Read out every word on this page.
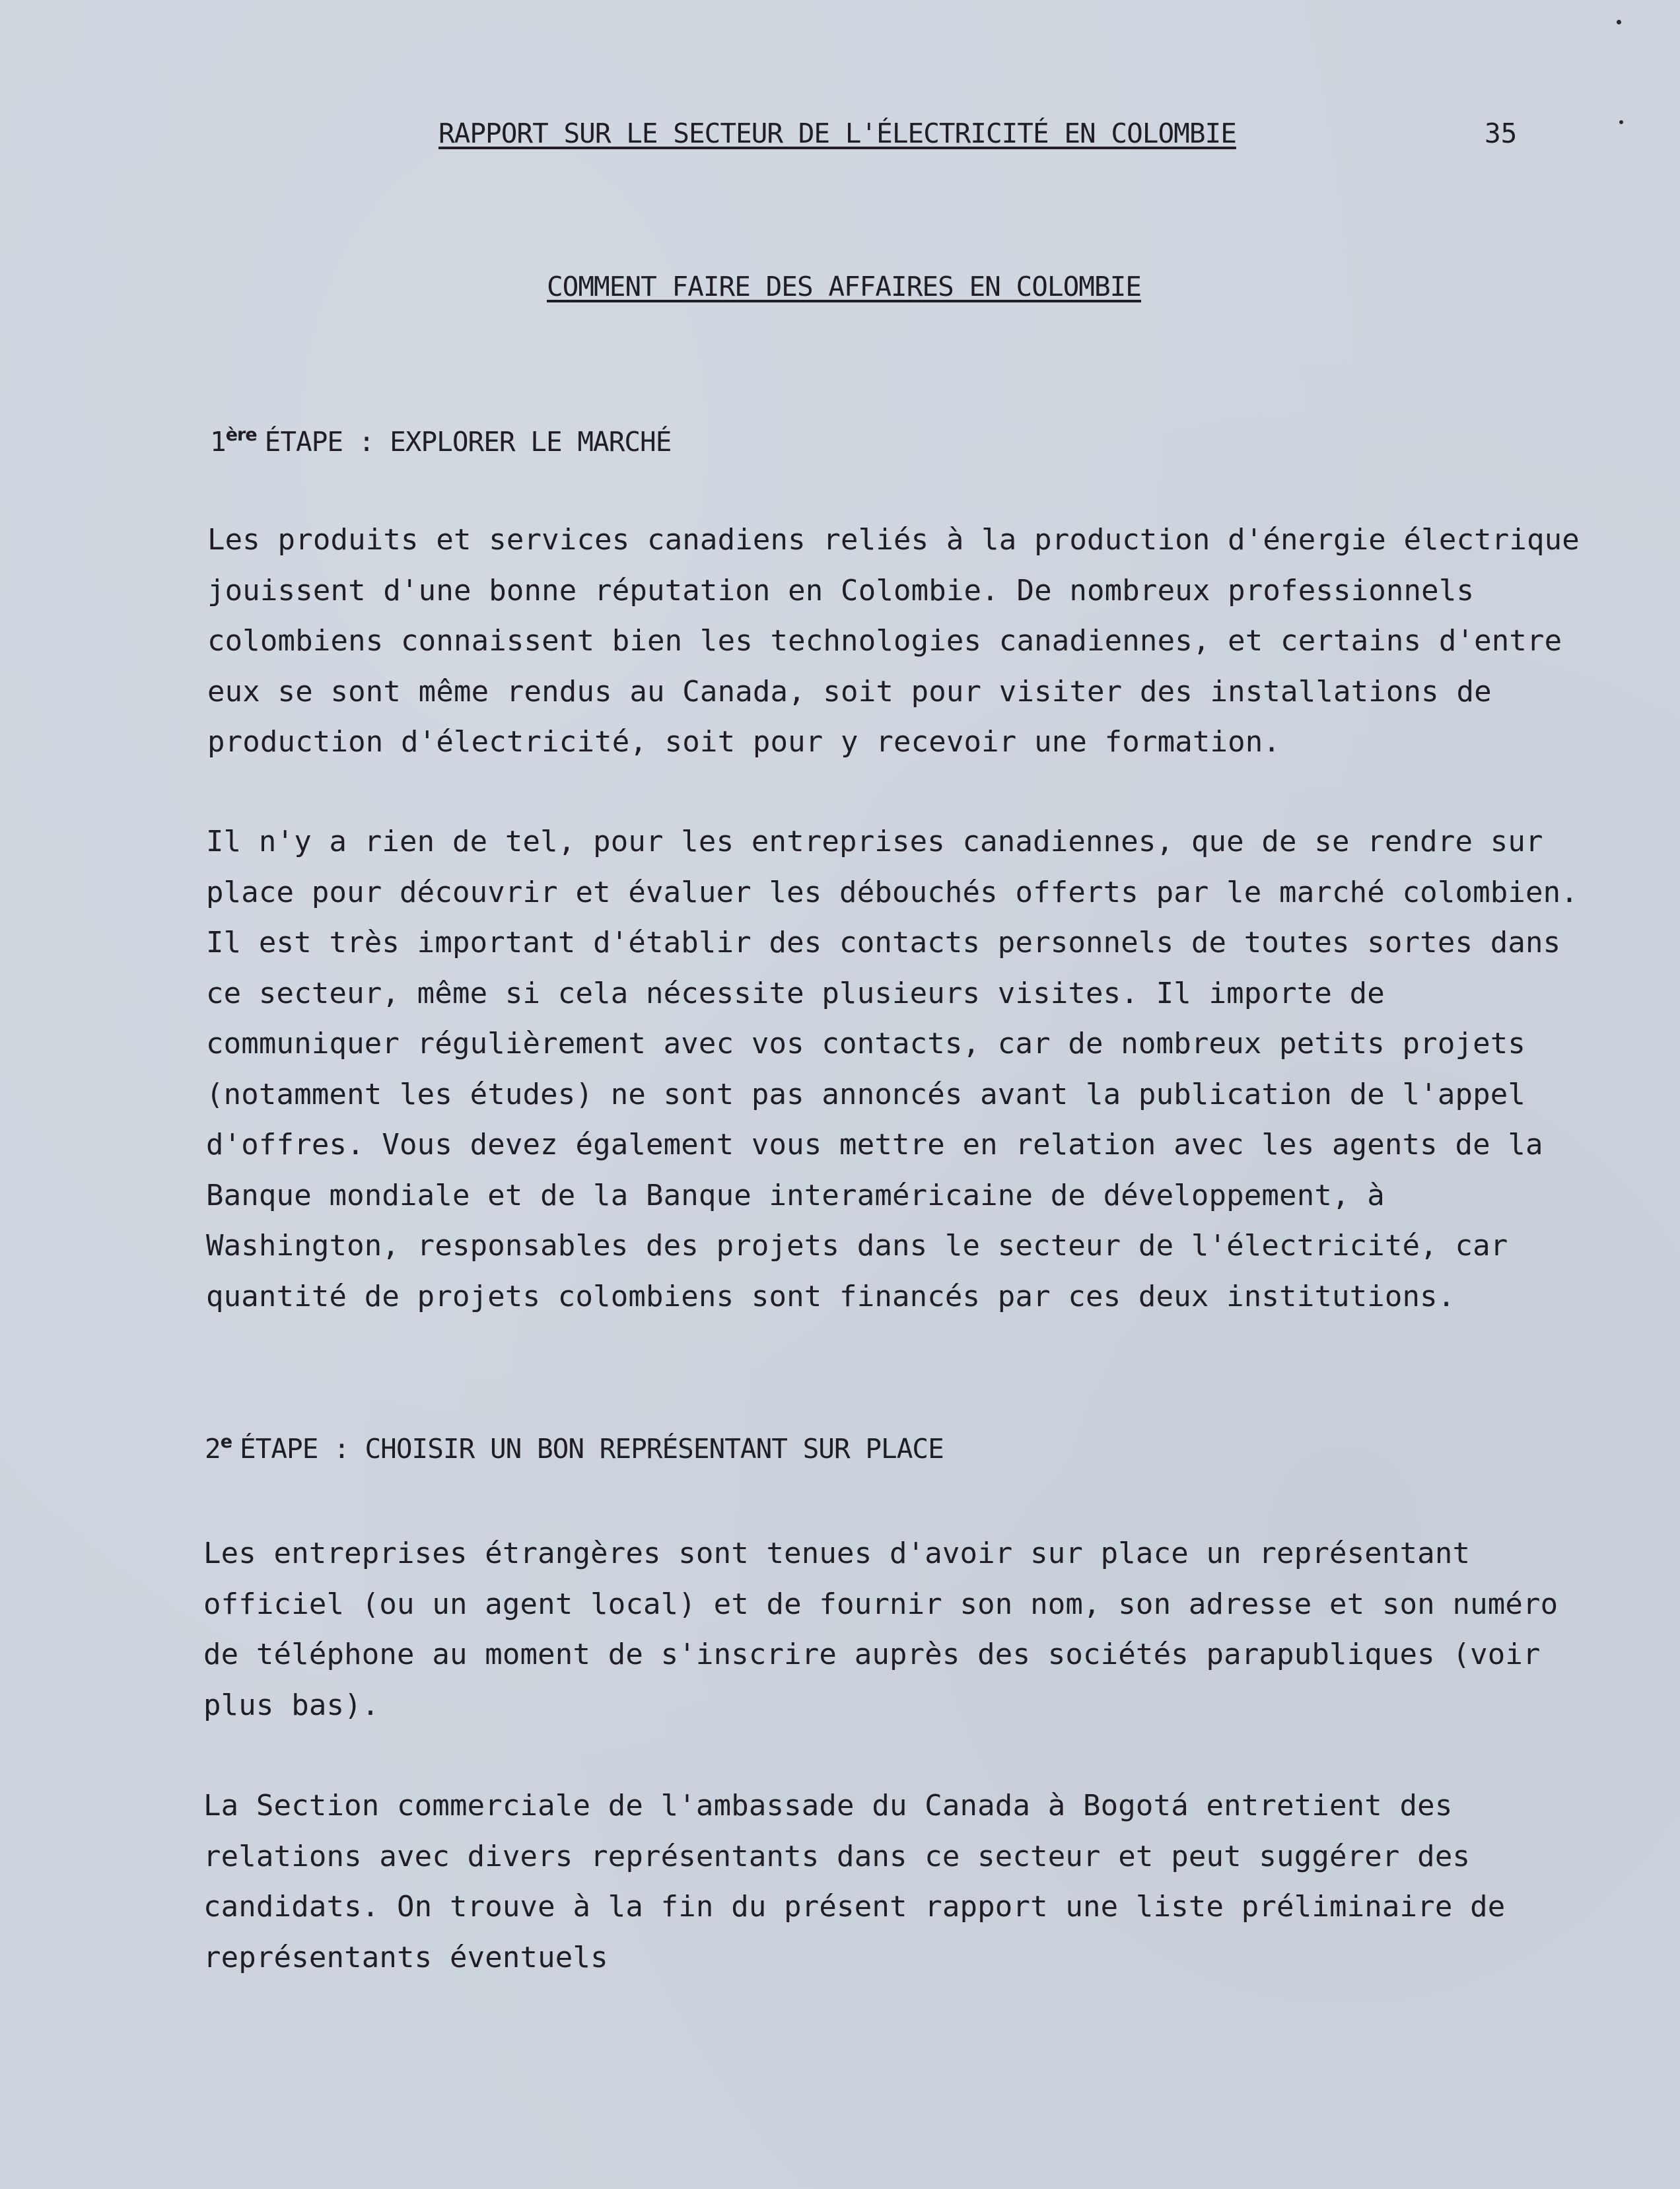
RAPPORT SUR LE SECTEUR DE L'ÉLECTRICITÉ EN COLOMBIE	35
COMMENT FAIRE DES AFFAIRES EN COLOMBIE
1ère ÉTAPE : EXPLORER LE MARCHÉ
Les produits et services canadiens reliés à la production d'énergie électrique
jouissent d'une bonne réputation en Colombie. De nombreux professionnels
colombiens connaissent bien les technologies canadiennes, et certains d'entre
eux se sont même rendus au Canada, soit pour visiter des installations de
production d'électricité, soit pour y recevoir une formation.
Il n'y a rien de tel, pour les entreprises canadiennes, que de se rendre sur
place pour découvrir et évaluer les débouchés offerts par le marché colombien.
Il est très important d'établir des contacts personnels de toutes sortes dans
ce secteur, même si cela nécessite plusieurs visites. Il importe de
communiquer régulièrement avec vos contacts, car de nombreux petits projets
(notamment les études) ne sont pas annoncés avant la publication de l'appel
d'offres. Vous devez également vous mettre en relation avec les agents de la
Banque mondiale et de la Banque interaméricaine de développement, à
Washington, responsables des projets dans le secteur de l'électricité, car
quantité de projets colombiens sont financés par ces deux institutions.
2e ÉTAPE : CHOISIR UN BON REPRÉSENTANT SUR PLACE
Les entreprises étrangères sont tenues d'avoir sur place un représentant
officiel (ou un agent local) et de fournir son nom, son adresse et son numéro
de téléphone au moment de s'inscrire auprès des sociétés parapubliques (voir
plus bas).
La Section commerciale de l'ambassade du Canada à Bogotá entretient des
relations avec divers représentants dans ce secteur et peut suggérer des
candidats. On trouve à la fin du présent rapport une liste préliminaire de
représentants éventuels
